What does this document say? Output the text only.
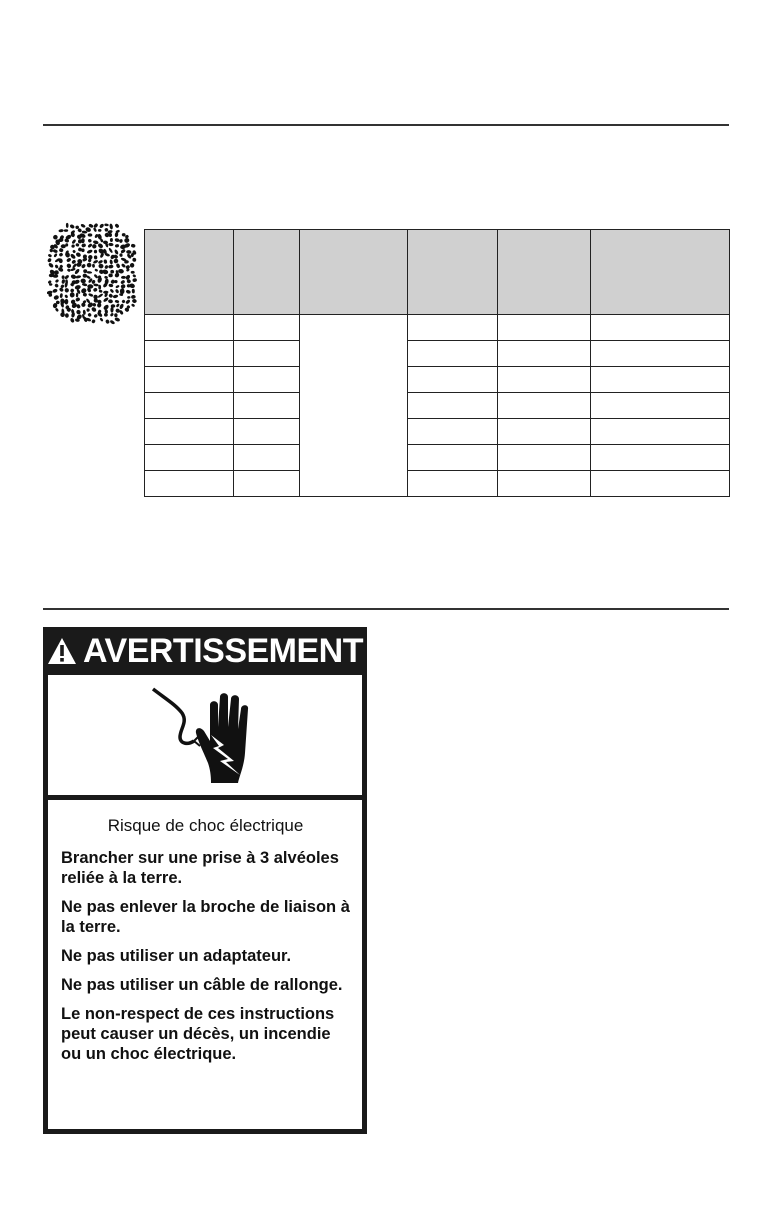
AVERTISSEMENT
Risque de choc électrique
Brancher sur une prise à 3 alvéoles reliée à la terre.
Ne pas enlever la broche de liaison à la terre.
Ne pas utiliser un adaptateur.
Ne pas utiliser un câble de rallonge.
Le non-respect de ces instructions peut causer un décès, un incendie ou un choc électrique.
